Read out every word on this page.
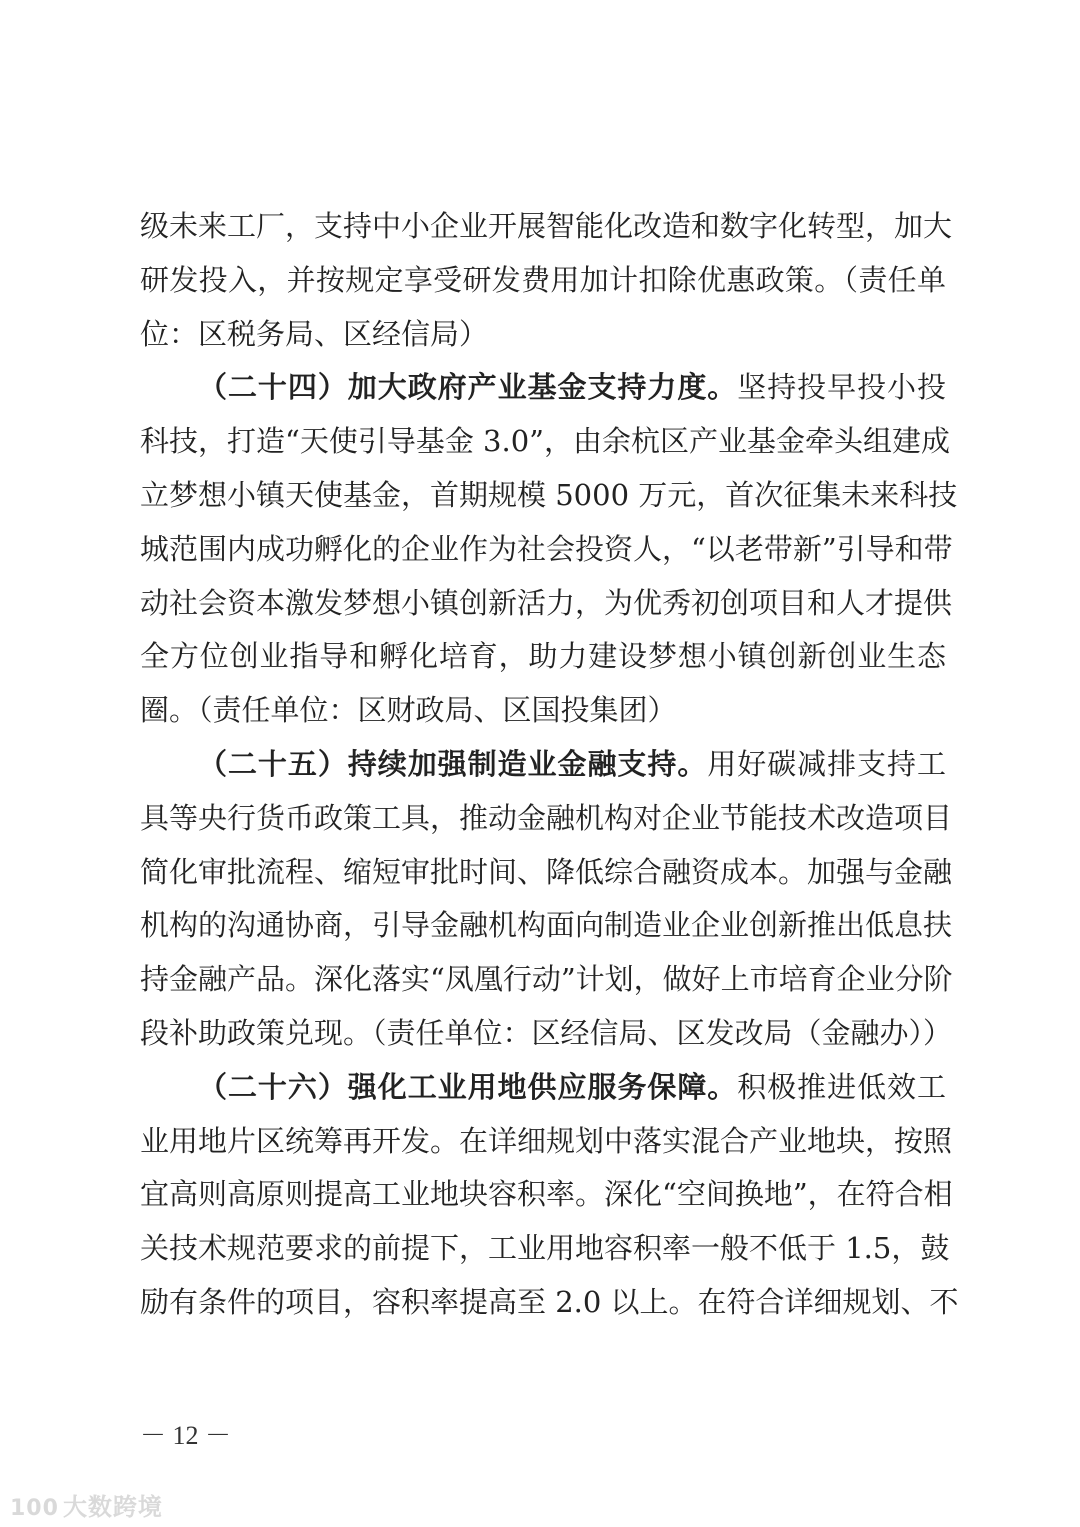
级未来工厂，支持中小企业开展智能化改造和数字化转型，加大
研发投入，并按规定享受研发费用加计扣除优惠政策。（责任单
位：区税务局、区经信局）
（二十四）加大政府产业基金支持力度。坚持投早投小投
科技，打造“天使引导基金 3.0”，由余杭区产业基金牵头组建成
立梦想小镇天使基金，首期规模 5000 万元，首次征集未来科技
城范围内成功孵化的企业作为社会投资人，“以老带新”引导和带
动社会资本激发梦想小镇创新活力，为优秀初创项目和人才提供
全方位创业指导和孵化培育，助力建设梦想小镇创新创业生态
圈。（责任单位：区财政局、区国投集团）
（二十五）持续加强制造业金融支持。用好碳减排支持工
具等央行货币政策工具，推动金融机构对企业节能技术改造项目
简化审批流程、缩短审批时间、降低综合融资成本。加强与金融
机构的沟通协商，引导金融机构面向制造业企业创新推出低息扶
持金融产品。深化落实“凤凰行动”计划，做好上市培育企业分阶
段补助政策兑现。（责任单位：区经信局、区发改局（金融办））
（二十六）强化工业用地供应服务保障。积极推进低效工
业用地片区统筹再开发。在详细规划中落实混合产业地块，按照
宜高则高原则提高工业地块容积率。深化“空间换地”，在符合相
关技术规范要求的前提下，工业用地容积率一般不低于 1.5，鼓
励有条件的项目，容积率提高至 2.0 以上。在符合详细规划、不
－ 12 －
100 大数跨境
